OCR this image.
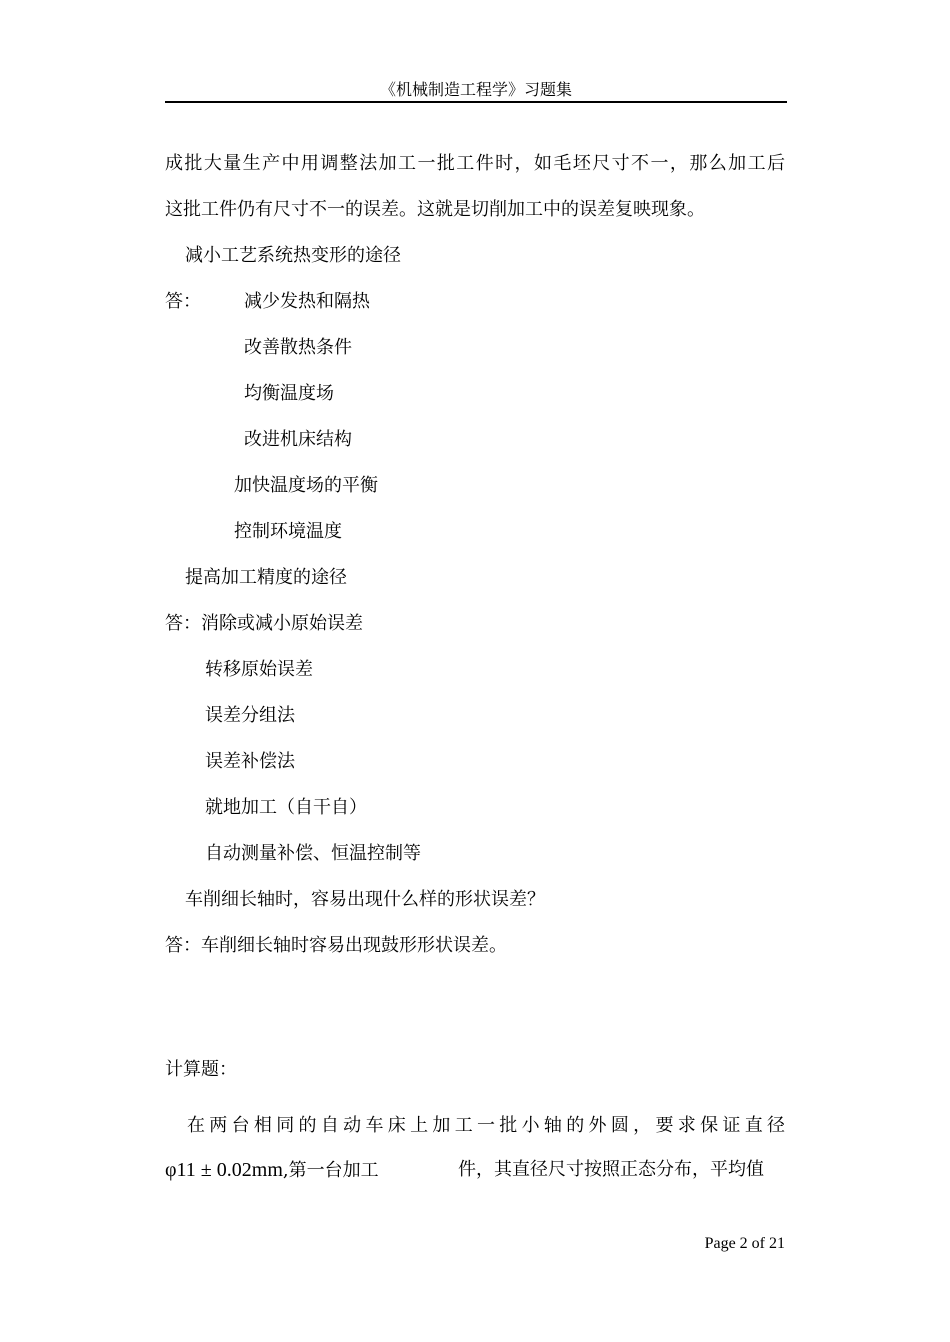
《机械制造工程学》习题集
成批大量生产中用调整法加工一批工件时，如毛坯尺寸不一，那么加工后
这批工件仍有尺寸不一的误差。这就是切削加工中的误差复映现象。
减小工艺系统热变形的途径
答： 减少发热和隔热
改善散热条件
均衡温度场
改进机床结构
加快温度场的平衡
控制环境温度
提高加工精度的途径
答：消除或减小原始误差
转移原始误差
误差分组法
误差补偿法
就地加工（自干自）
自动测量补偿、恒温控制等
车削细长轴时，容易出现什么样的形状误差？
答：车削细长轴时容易出现鼓形形状误差。
计算题：
在两台相同的自动车床上加工一批小轴的外圆，要求保证直径
φ11 ± 0.02mm,第一台加工	件，其直径尺寸按照正态分布，平均值
Page 2 of 21
